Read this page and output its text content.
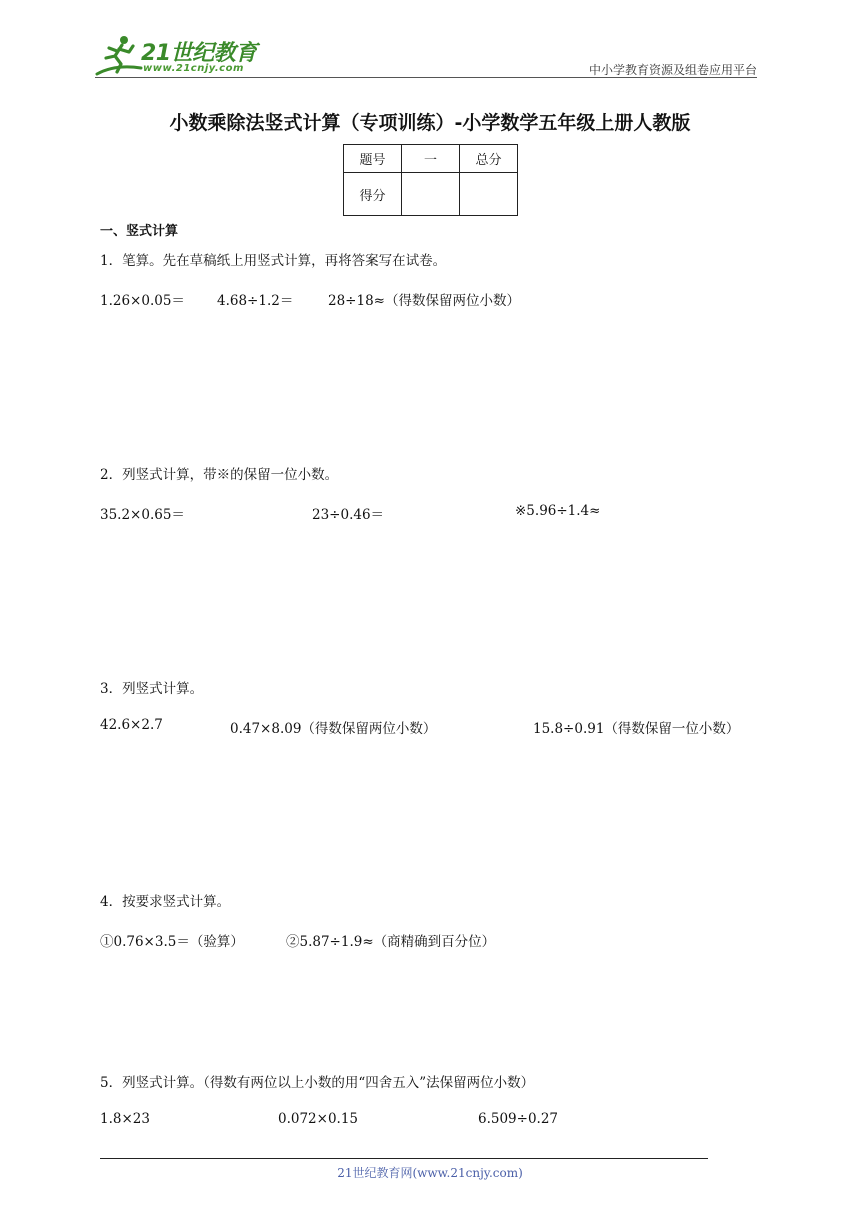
21世纪教育
www.21cnjy.com	中小学教育资源及组卷应用平台
小数乘除法竖式计算（专项训练）-小学数学五年级上册人教版
题号	一	总分
得分		
一、竖式计算
1．笔算。先在草稿纸上用竖式计算，再将答案写在试卷。
1.26×0.05＝ 4.68÷1.2＝	28÷18≈（得数保留两位小数）
2．列竖式计算，带※的保留一位小数。
35.2×0.65＝	23÷0.46＝	※5.96÷1.4≈
3．列竖式计算。
42.6×2.7	0.47×8.09（得数保留两位小数）	15.8÷0.91（得数保留一位小数）
4．按要求竖式计算。
①0.76×3.5＝（验算）	②5.87÷1.9≈（商精确到百分位）
5．列竖式计算。（得数有两位以上小数的用“四舍五入”法保留两位小数）
1.8×23	0.072×0.15	6.509÷0.27
21世纪教育网(www.21cnjy.com)
